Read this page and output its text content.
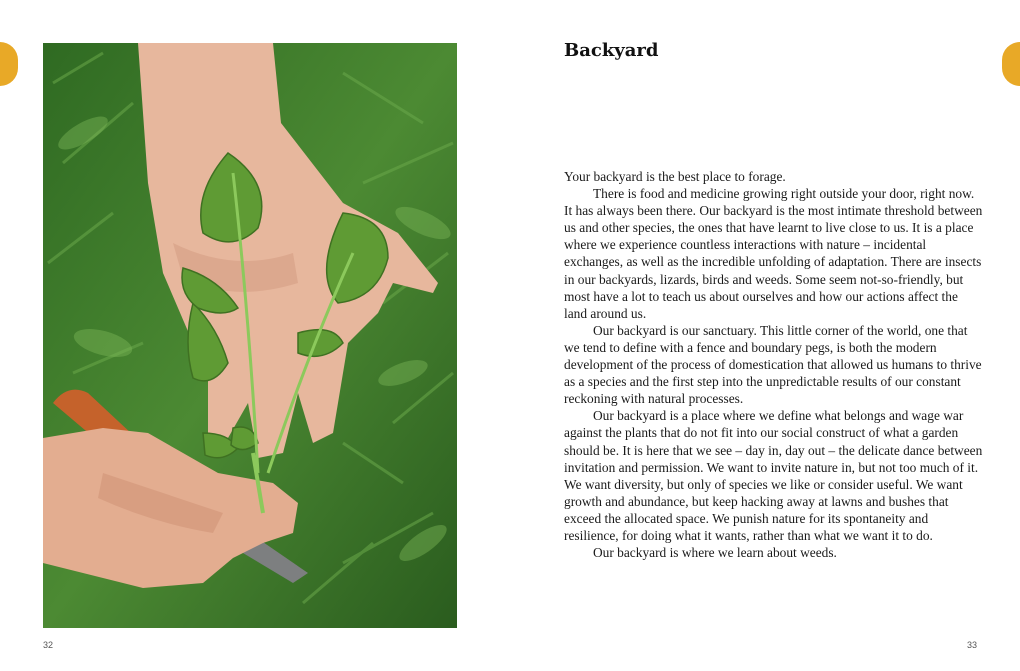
Backyard

Your backyard is the best place to forage.

There is food and medicine growing right outside your door, right now. It has always been there. Our backyard is the most intimate threshold between us and other species, the ones that have learnt to live close to us. It is a place where we experience countless interactions with nature – incidental exchanges, as well as the incredible unfolding of adaptation. There are insects in our backyards, lizards, birds and weeds. Some seem not-so-friendly, but most have a lot to teach us about ourselves and how our actions affect the land around us.

Our backyard is our sanctuary. This little corner of the world, one that we tend to define with a fence and boundary pegs, is both the modern development of the process of domestication that allowed us humans to thrive as a species and the first step into the unpredictable results of our constant reckoning with natural processes.

Our backyard is a place where we define what belongs and wage war against the plants that do not fit into our social construct of what a garden should be. It is here that we see – day in, day out – the delicate dance between invitation and permission. We want to invite nature in, but not too much of it. We want diversity, but only of species we like or consider useful. We want growth and abundance, but keep hacking away at lawns and bushes that exceed the allocated space. We punish nature for its spontaneity and resilience, for doing what it wants, rather than what we want it to do.

Our backyard is where we learn about weeds.

32	33
